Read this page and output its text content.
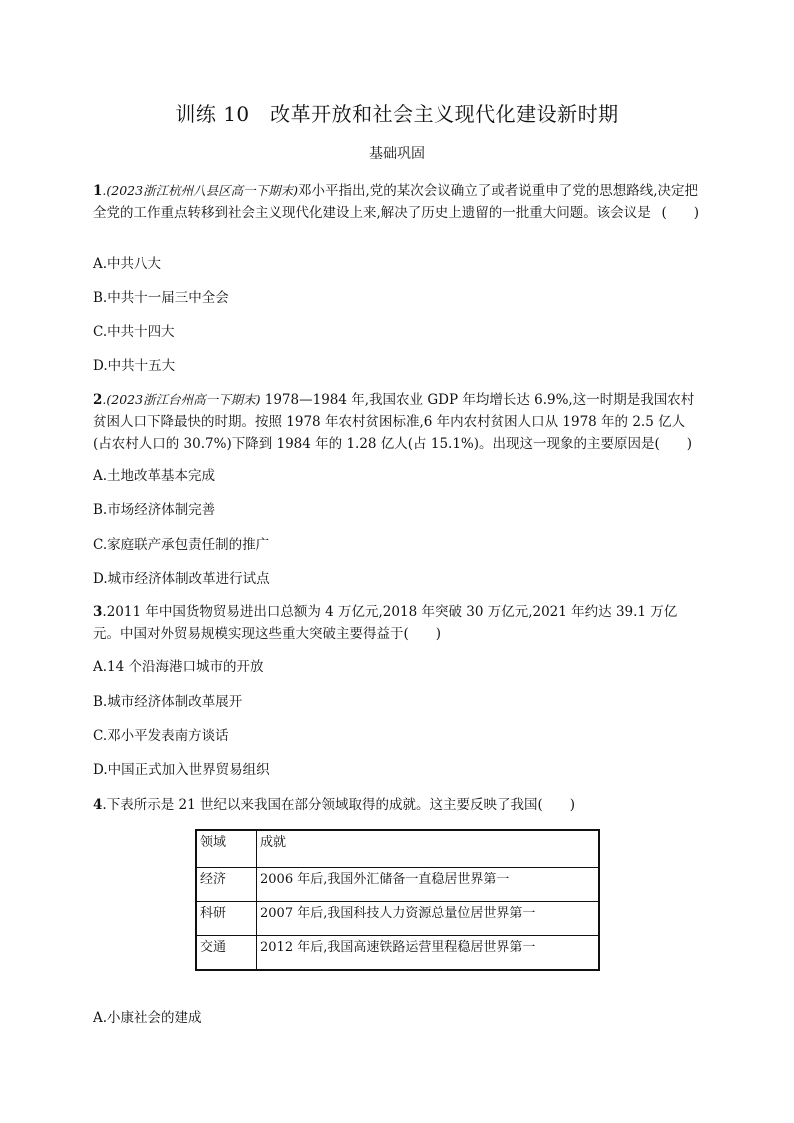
训练 10　改革开放和社会主义现代化建设新时期
基础巩固
1.(2023浙江杭州八县区高一下期末)邓小平指出,党的某次会议确立了或者说重申了党的思想路线,决定把全党的工作重点转移到社会主义现代化建设上来,解决了历史上遗留的一批重大问题。该会议是 (　　)
A.中共八大
B.中共十一届三中全会
C.中共十四大
D.中共十五大
2.(2023浙江台州高一下期末) 1978—1984 年,我国农业 GDP 年均增长达 6.9%,这一时期是我国农村贫困人口下降最快的时期。按照 1978 年农村贫困标准,6 年内农村贫困人口从 1978 年的 2.5 亿人(占农村人口的 30.7%)下降到 1984 年的 1.28 亿人(占 15.1%)。出现这一现象的主要原因是(　　)
A.土地改革基本完成
B.市场经济体制完善
C.家庭联产承包责任制的推广
D.城市经济体制改革进行试点
3.2011 年中国货物贸易进出口总额为 4 万亿元,2018 年突破 30 万亿元,2021 年约达 39.1 万亿元。中国对外贸易规模实现这些重大突破主要得益于(　　)
A.14 个沿海港口城市的开放
B.城市经济体制改革展开
C.邓小平发表南方谈话
D.中国正式加入世界贸易组织
4.下表所示是 21 世纪以来我国在部分领域取得的成就。这主要反映了我国(　　)
领域	成就
经济	2006 年后,我国外汇储备一直稳居世界第一
科研	2007 年后,我国科技人力资源总量位居世界第一
交通	2012 年后,我国高速铁路运营里程稳居世界第一
A.小康社会的建成
